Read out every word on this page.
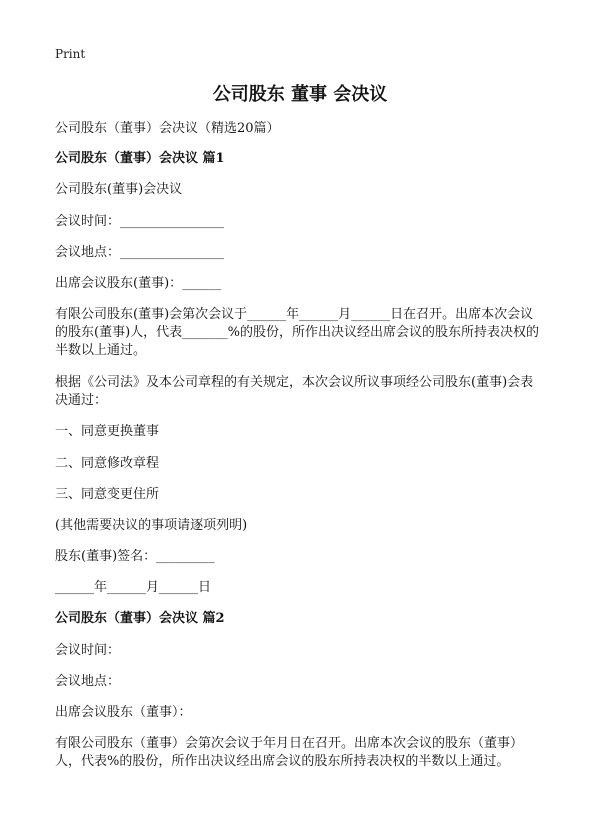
Print
公司股东 董事 会决议
公司股东（董事）会决议（精选20篇）
公司股东（董事）会决议 篇1
公司股东(董事)会决议
会议时间：________________
会议地点：________________
出席会议股东(董事)：______
有限公司股东(董事)会第次会议于______年______月______日在召开。出席本次会议的股东(董事)人，代表_______%的股份，所作出决议经出席会议的股东所持表决权的半数以上通过。
根据《公司法》及本公司章程的有关规定，本次会议所议事项经公司股东(董事)会表决通过：
一、同意更换董事
二、同意修改章程
三、同意变更住所
(其他需要决议的事项请逐项列明)
股东(董事)签名：_________
______年______月______日
公司股东（董事）会决议 篇2
会议时间：
会议地点：
出席会议股东（董事）：
有限公司股东（董事）会第次会议于年月日在召开。出席本次会议的股东（董事）人，代表%的股份，所作出决议经出席会议的股东所持表决权的半数以上通过。
